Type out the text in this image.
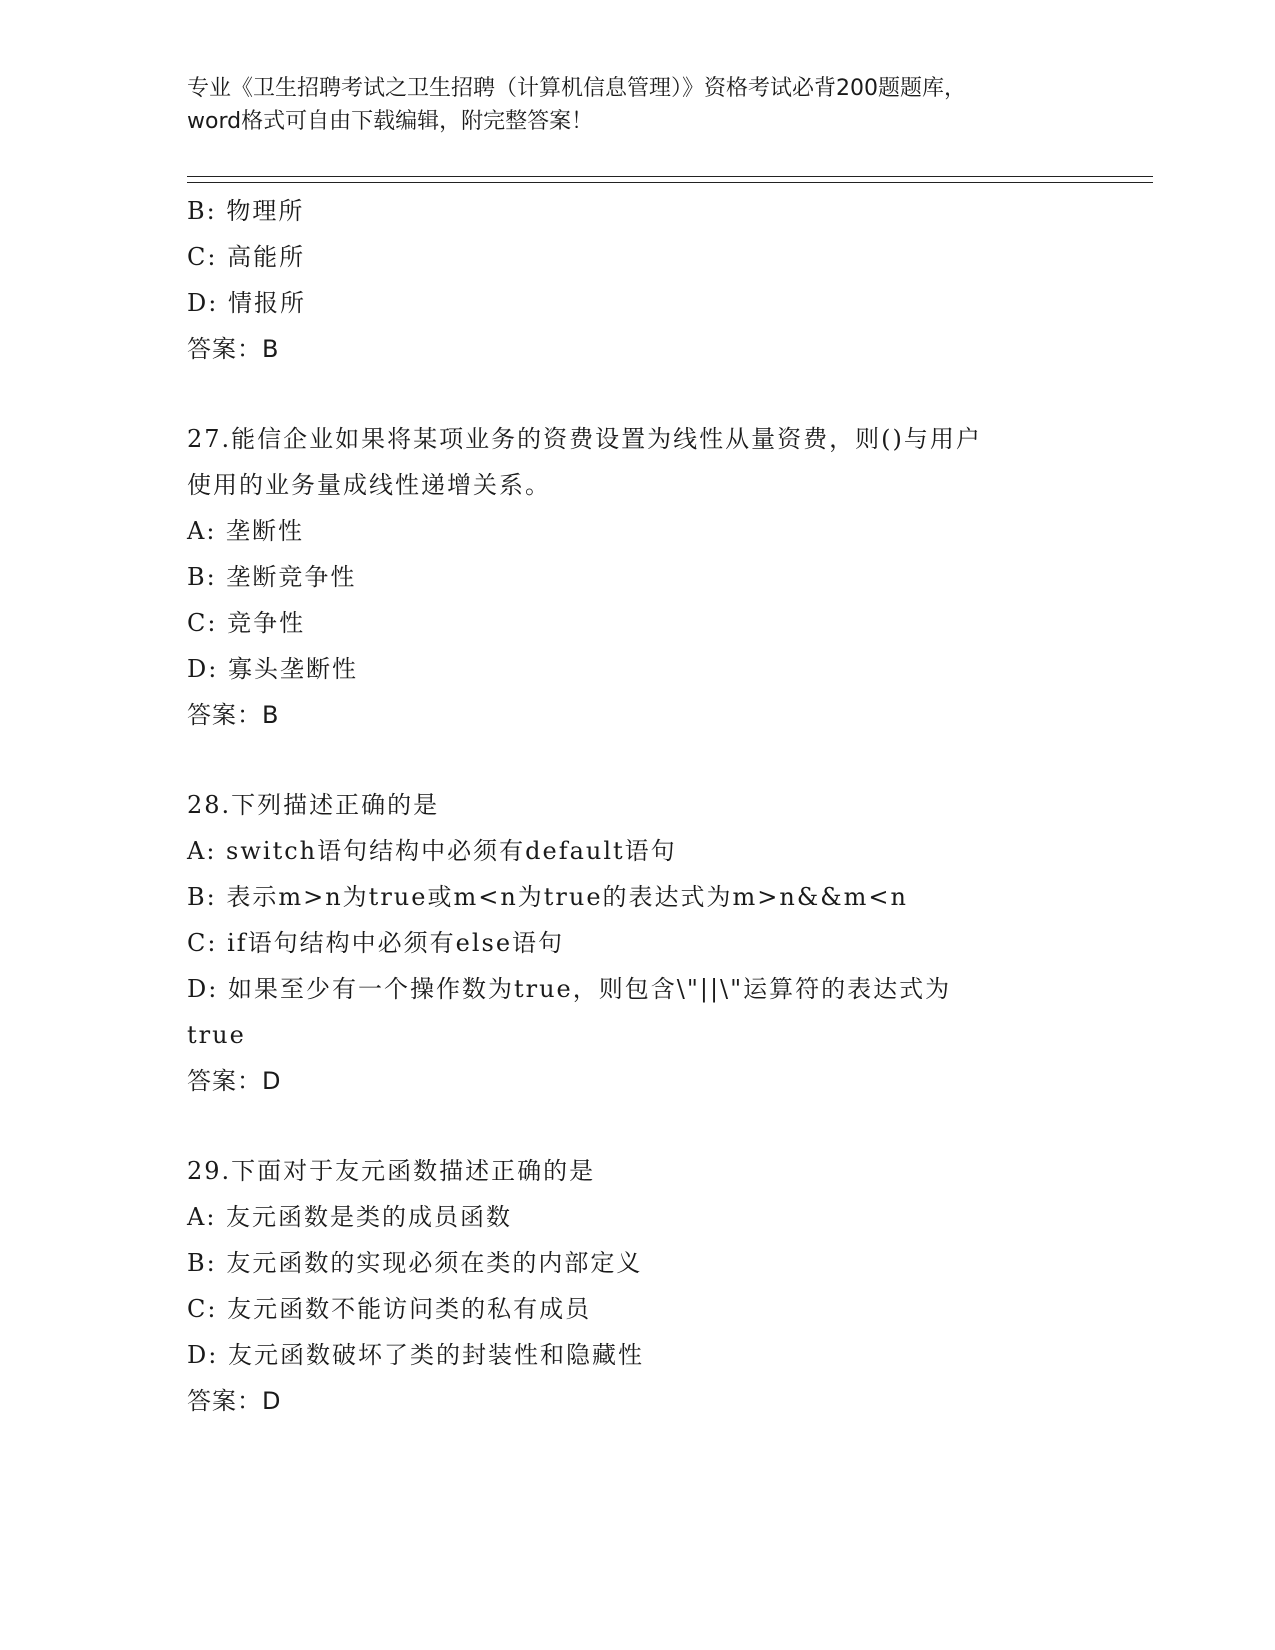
专业《卫生招聘考试之卫生招聘（计算机信息管理）》资格考试必背200题题库，
word格式可自由下载编辑，附完整答案！
B: 物理所
C: 高能所
D: 情报所
答案：B
27.能信企业如果将某项业务的资费设置为线性从量资费，则()与用户
使用的业务量成线性递增关系。
A: 垄断性
B: 垄断竞争性
C: 竞争性
D: 寡头垄断性
答案：B
28.下列描述正确的是
A: switch语句结构中必须有default语句
B: 表示m>n为true或m<n为true的表达式为m>n&&m<n
C: if语句结构中必须有else语句
D: 如果至少有一个操作数为true，则包含\"||\"运算符的表达式为
true
答案：D
29.下面对于友元函数描述正确的是
A: 友元函数是类的成员函数
B: 友元函数的实现必须在类的内部定义
C: 友元函数不能访问类的私有成员
D: 友元函数破坏了类的封装性和隐藏性
答案：D
